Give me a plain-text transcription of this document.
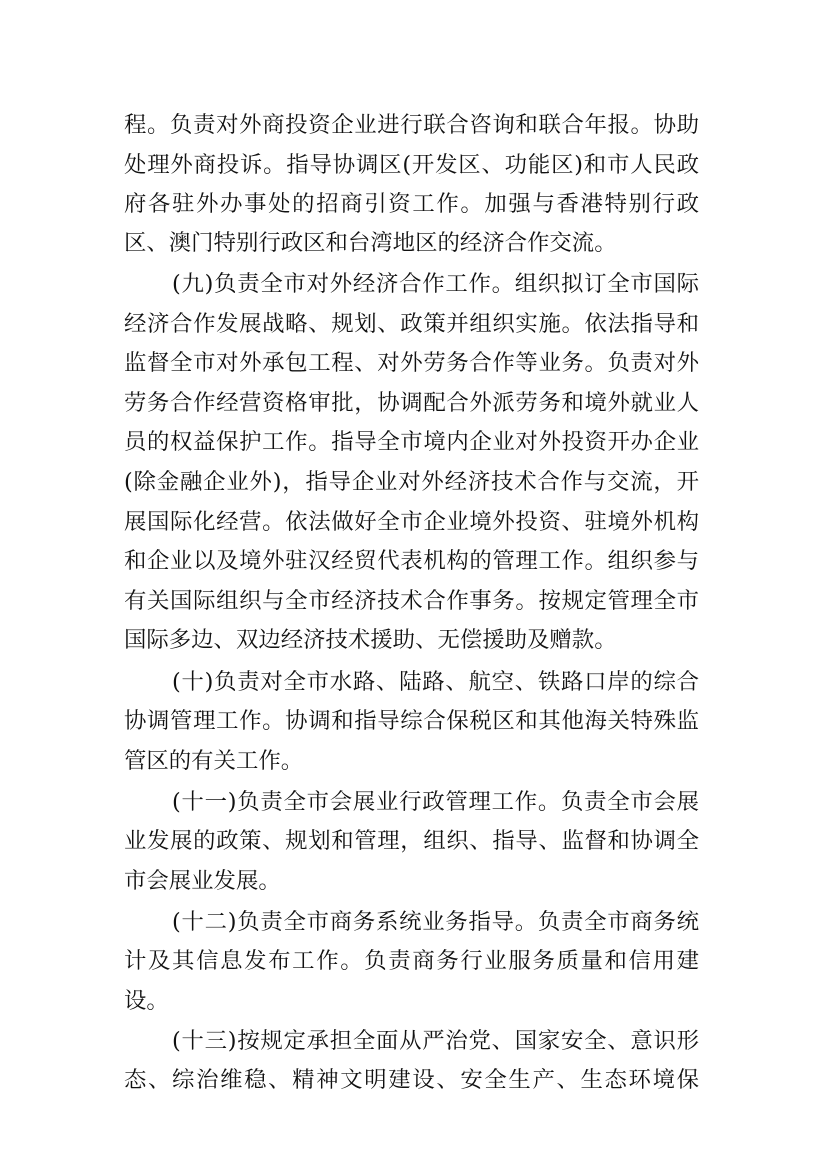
程。负责对外商投资企业进行联合咨询和联合年报。协助
处理外商投诉。指导协调区(开发区、功能区)和市人民政
府各驻外办事处的招商引资工作。加强与香港特别行政
区、澳门特别行政区和台湾地区的经济合作交流。
(九)负责全市对外经济合作工作。组织拟订全市国际
经济合作发展战略、规划、政策并组织实施。依法指导和
监督全市对外承包工程、对外劳务合作等业务。负责对外
劳务合作经营资格审批，协调配合外派劳务和境外就业人
员的权益保护工作。指导全市境内企业对外投资开办企业
(除金融企业外)，指导企业对外经济技术合作与交流，开
展国际化经营。依法做好全市企业境外投资、驻境外机构
和企业以及境外驻汉经贸代表机构的管理工作。组织参与
有关国际组织与全市经济技术合作事务。按规定管理全市
国际多边、双边经济技术援助、无偿援助及赠款。
(十)负责对全市水路、陆路、航空、铁路口岸的综合
协调管理工作。协调和指导综合保税区和其他海关特殊监
管区的有关工作。
(十一)负责全市会展业行政管理工作。负责全市会展
业发展的政策、规划和管理，组织、指导、监督和协调全
市会展业发展。
(十二)负责全市商务系统业务指导。负责全市商务统
计及其信息发布工作。负责商务行业服务质量和信用建
设。
(十三)按规定承担全面从严治党、国家安全、意识形
态、综治维稳、精神文明建设、安全生产、生态环境保
